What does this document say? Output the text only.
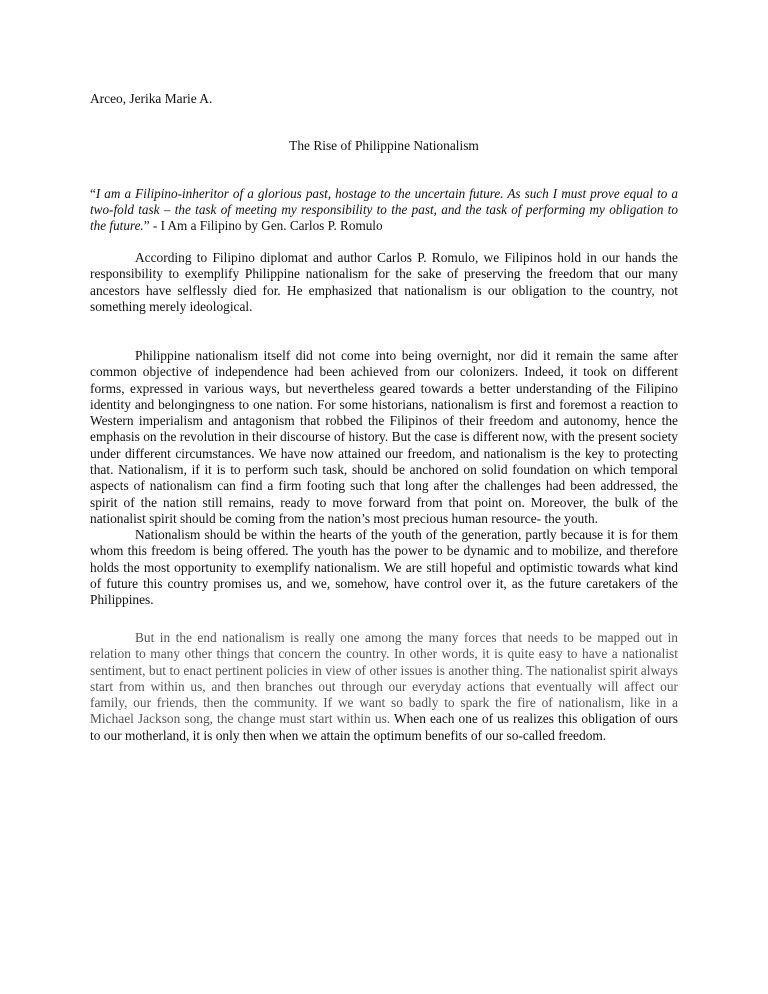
Arceo, Jerika Marie A.

The Rise of Philippine Nationalism

“I am a Filipino-inheritor of a glorious past, hostage to the uncertain future. As such I must prove equal to a two-fold task – the task of meeting my responsibility to the past, and the task of performing my obligation to the future.” - I Am a Filipino by Gen. Carlos P. Romulo

According to Filipino diplomat and author Carlos P. Romulo, we Filipinos hold in our hands the responsibility to exemplify Philippine nationalism for the sake of preserving the freedom that our many ancestors have selflessly died for. He emphasized that nationalism is our obligation to the country, not something merely ideological.

Philippine nationalism itself did not come into being overnight, nor did it remain the same after common objective of independence had been achieved from our colonizers. Indeed, it took on different forms, expressed in various ways, but nevertheless geared towards a better understanding of the Filipino identity and belongingness to one nation. For some historians, nationalism is first and foremost a reaction to Western imperialism and antagonism that robbed the Filipinos of their freedom and autonomy, hence the emphasis on the revolution in their discourse of history. But the case is different now, with the present society under different circumstances. We have now attained our freedom, and nationalism is the key to protecting that. Nationalism, if it is to perform such task, should be anchored on solid foundation on which temporal aspects of nationalism can find a firm footing such that long after the challenges had been addressed, the spirit of the nation still remains, ready to move forward from that point on. Moreover, the bulk of the nationalist spirit should be coming from the nation’s most precious human resource- the youth.

Nationalism should be within the hearts of the youth of the generation, partly because it is for them whom this freedom is being offered. The youth has the power to be dynamic and to mobilize, and therefore holds the most opportunity to exemplify nationalism. We are still hopeful and optimistic towards what kind of future this country promises us, and we, somehow, have control over it, as the future caretakers of the Philippines.

But in the end nationalism is really one among the many forces that needs to be mapped out in relation to many other things that concern the country. In other words, it is quite easy to have a nationalist sentiment, but to enact pertinent policies in view of other issues is another thing. The nationalist spirit always start from within us, and then branches out through our everyday actions that eventually will affect our family, our friends, then the community. If we want so badly to spark the fire of nationalism, like in a Michael Jackson song, the change must start within us. When each one of us realizes this obligation of ours to our motherland, it is only then when we attain the optimum benefits of our so-called freedom.
